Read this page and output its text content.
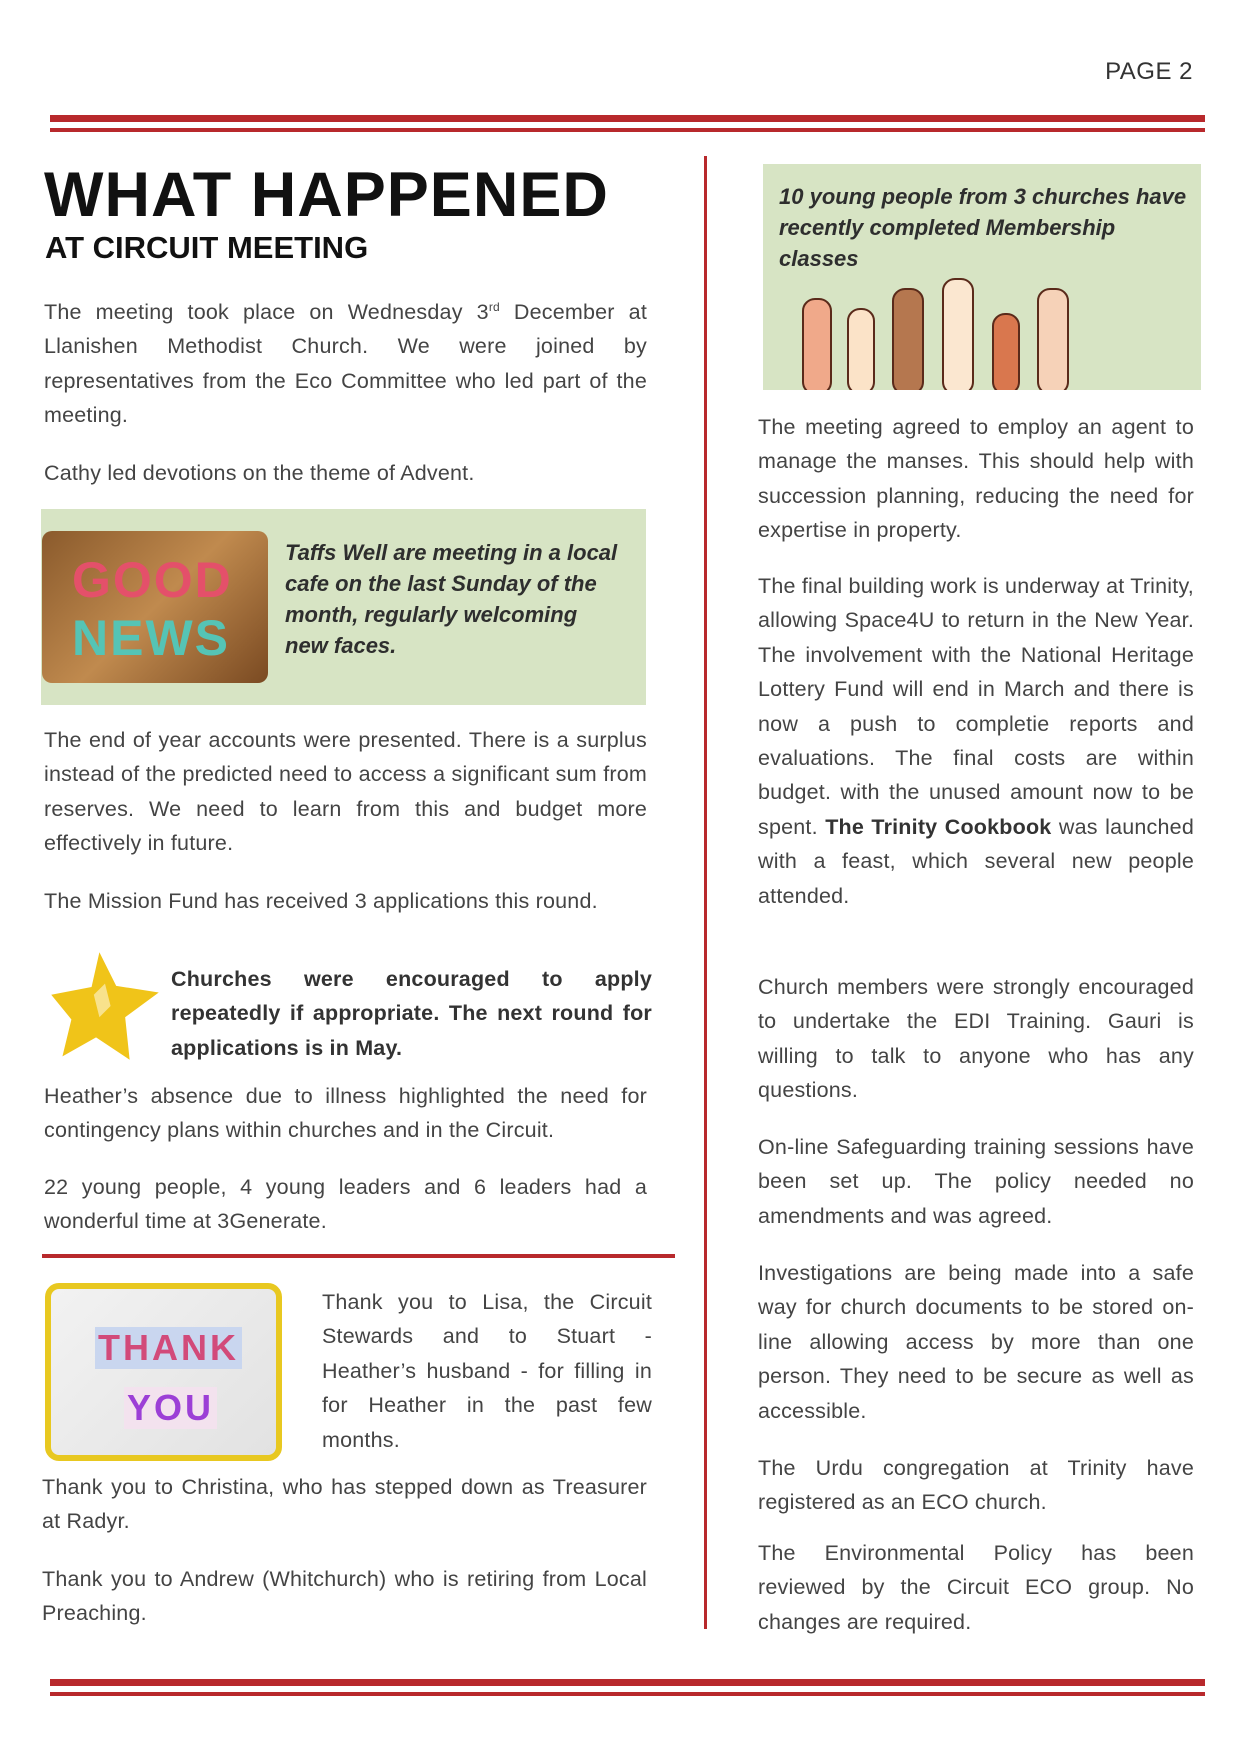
PAGE 2
WHAT HAPPENED
AT CIRCUIT MEETING
The meeting took place on Wednesday 3rd December at Llanishen Methodist Church. We were joined by representatives from the Eco Committee who led part of the meeting.
Cathy led devotions on the theme of Advent.
GOOD
NEWS
Taffs Well are meeting in a local cafe on the last Sunday of the month, regularly welcoming new faces.
The end of year accounts were presented. There is a surplus instead of the predicted need to access a significant sum from reserves. We need to learn from this and budget more effectively in future.
The Mission Fund has received 3 applications this round.
Churches were encouraged to apply repeatedly if appropriate. The next round for applications is in May.
Heather’s absence due to illness highlighted the need for contingency plans within churches and in the Circuit.
22 young people, 4 young leaders and 6 leaders had a wonderful time at 3Generate.
THANK
YOU
Thank you to Lisa, the Circuit Stewards and to Stuart - Heather’s husband - for filling in for Heather in the past few months.
Thank you to Christina, who has stepped down as Treasurer at Radyr.
Thank you to Andrew (Whitchurch) who is retiring from Local Preaching.
10 young people from 3 churches have recently completed Membership classes
The meeting agreed to employ an agent to manage the manses. This should help with succession planning, reducing the need for expertise in property.
The final building work is underway at Trinity, allowing Space4U to return in the New Year. The involvement with the National Heritage Lottery Fund will end in March and there is now a push to completie reports and evaluations. The final costs are within budget. with the unused amount now to be spent. The Trinity Cookbook was launched with a feast, which several new people attended.
Church members were strongly encouraged to undertake the EDI Training. Gauri is willing to talk to anyone who has any questions.
On-line Safeguarding training sessions have been set up. The policy needed no amendments and was agreed.
Investigations are being made into a safe way for church documents to be stored on-line allowing access by more than one person. They need to be secure as well as accessible.
The Urdu congregation at Trinity have registered as an ECO church.
The Environmental Policy has been reviewed by the Circuit ECO group. No changes are required.
